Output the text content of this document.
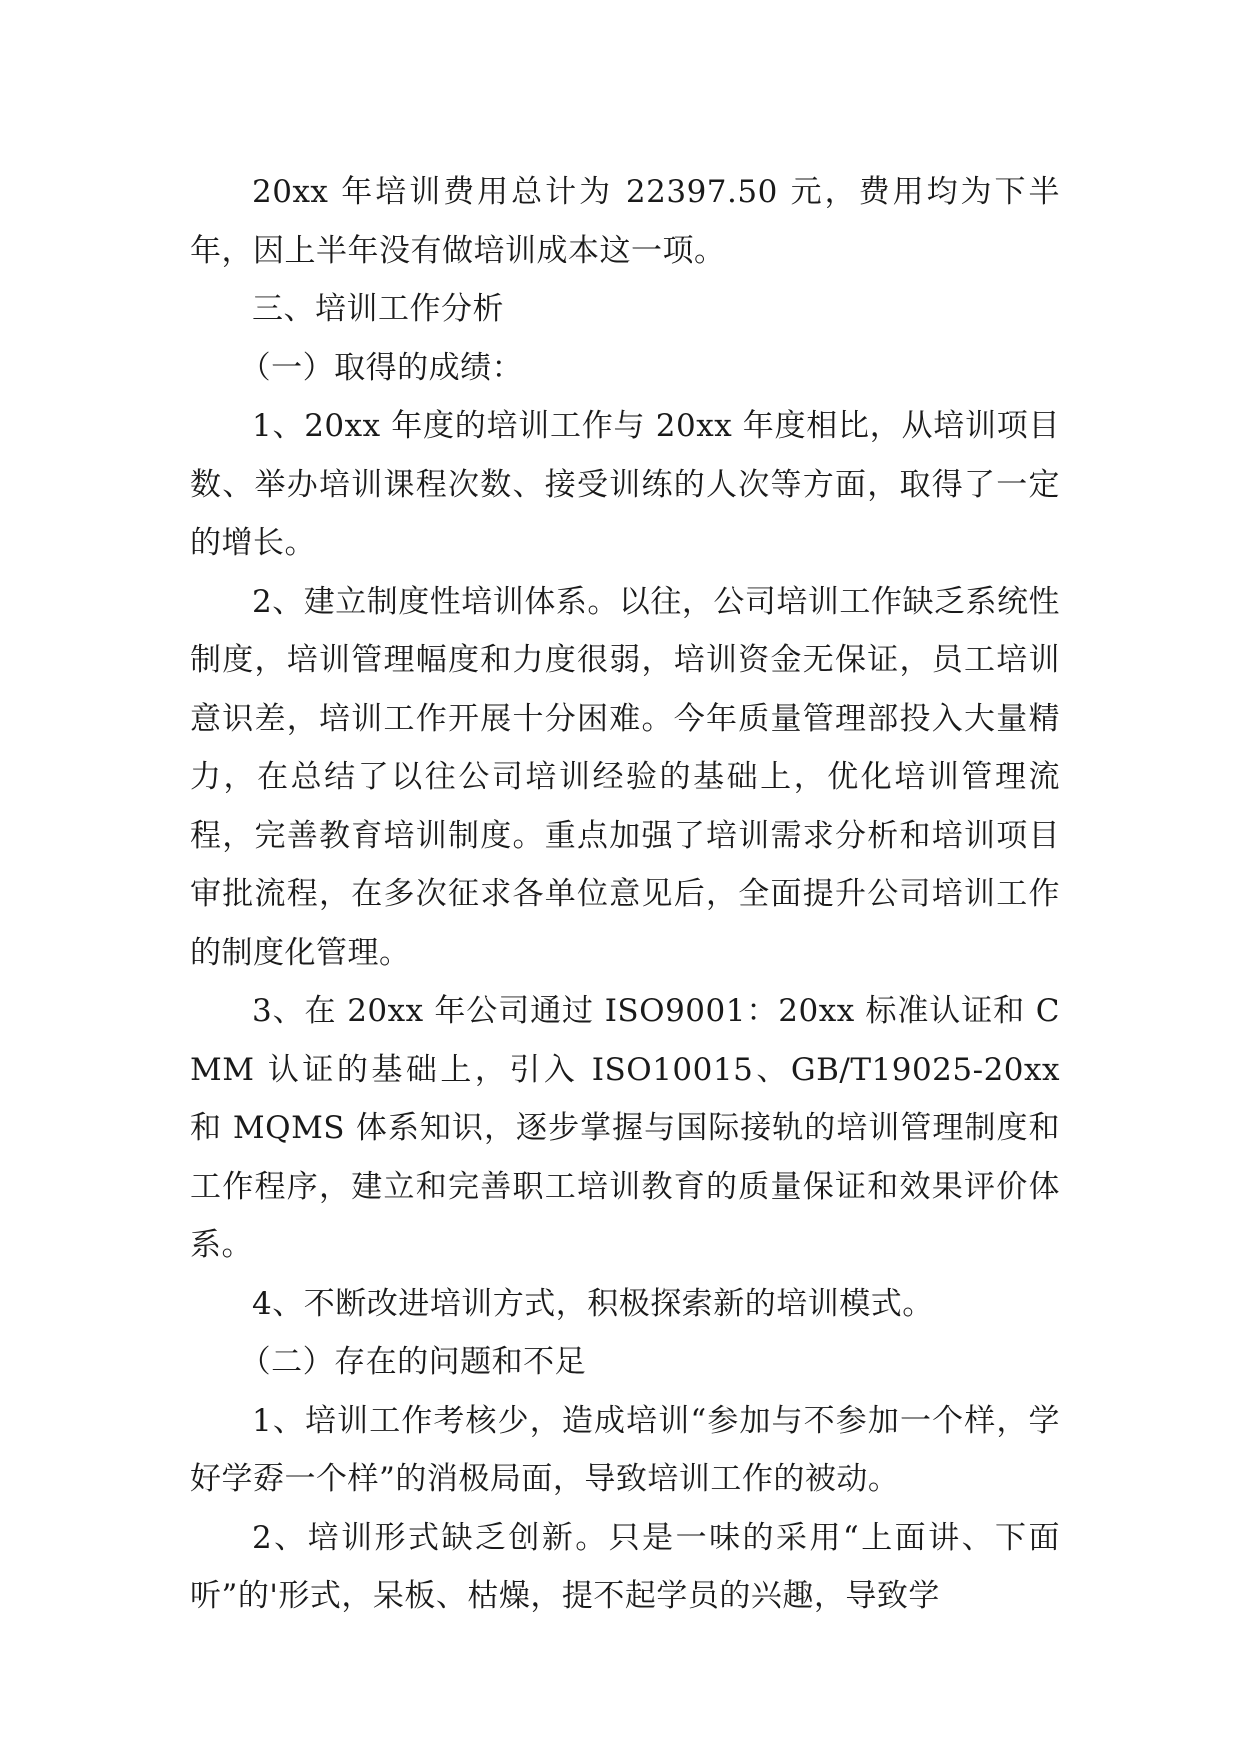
20xx 年培训费用总计为 22397.50 元，费用均为下半年，因上半年没有做培训成本这一项。

三、培训工作分析

（一）取得的成绩：

1、20xx 年度的培训工作与 20xx 年度相比，从培训项目数、举办培训课程次数、接受训练的人次等方面，取得了一定的增长。

2、建立制度性培训体系。以往，公司培训工作缺乏系统性制度，培训管理幅度和力度很弱，培训资金无保证，员工培训意识差，培训工作开展十分困难。今年质量管理部投入大量精力，在总结了以往公司培训经验的基础上，优化培训管理流程，完善教育培训制度。重点加强了培训需求分析和培训项目审批流程，在多次征求各单位意见后，全面提升公司培训工作的制度化管理。

3、在 20xx 年公司通过 ISO9001：20xx 标准认证和 CMM 认证的基础上，引入 ISO10015、GB/T19025-20xx 和 MQMS 体系知识，逐步掌握与国际接轨的培训管理制度和工作程序，建立和完善职工培训教育的质量保证和效果评价体系。

4、不断改进培训方式，积极探索新的培训模式。

（二）存在的问题和不足

1、培训工作考核少，造成培训“参加与不参加一个样，学好学孬一个样”的消极局面，导致培训工作的被动。

2、培训形式缺乏创新。只是一味的采用“上面讲、下面听”的'形式，呆板、枯燥，提不起学员的兴趣，导致学
